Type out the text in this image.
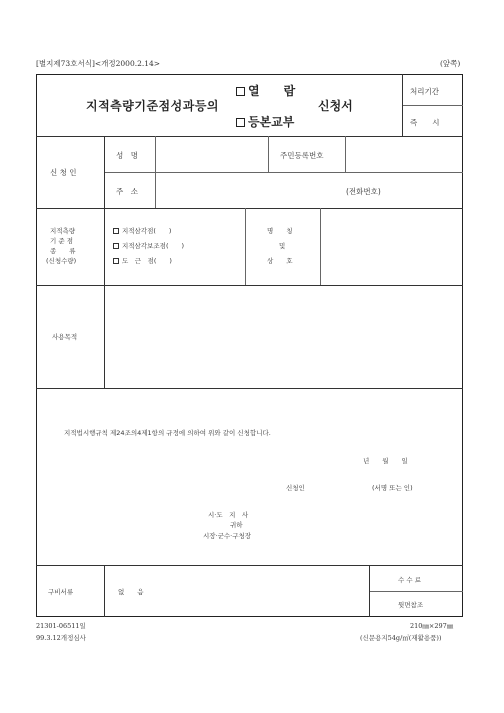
[별지제73호서식]<개정2000.2.14>	(앞쪽)
지적측량기준점성과등의
열　　람
등본교부
신청서
처리기간
즉　　시
신 청 인
성　명	주민등록번호
주　소	(전화번호)
지적측량
기 준 점
종　　류
(신청수량)
지적삼각점(　　)
지적삼각보조점(　　)
도　근　점(　　)
명　　칭
및
상　　호
사용목적
지적법시행규칙 제24조의4제1항의 규정에 의하여 위와 같이 신청합니다.
년　　월　　일
신청인	(서명 또는 인)
시·도　지　사
귀하
시장·군수·구청장
구비서류	없　　음
수 수 료
뒷면참조
21301-06511일
99.3.12개정심사
210㎜×297㎜
(신문용지54g/㎡(재활용품))
